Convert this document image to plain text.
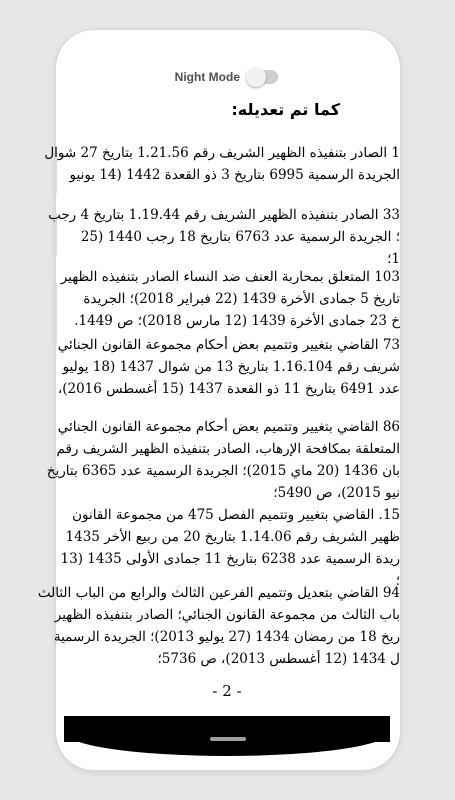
Night Mode
كما تم تعديله:
1 الصادر بتنفيذه الظهير الشريف رقم 1.21.56 بتاريخ 27 شوال
الجريدة الرسمية 6995 بتاريخ 3 ذو القعدة 1442 (14 يونيو
33 الصادر بتنفيذه الظهير الشريف رقم 1.19.44 بتاريخ 4 رجب
؛ الجريدة الرسمية عدد 6763 بتاريخ 18 رجب 1440 (25
1؛
103 المتعلق بمحاربة العنف ضد النساء الصادر بتنفيذه الظهير
تاريخ 5 جمادى الأخرة 1439 (22 فبراير 2018)؛ الجريدة
خ 23 جمادى الأخرة 1439 (12 مارس 2018)؛ ص 1449.
73 القاضي بتغيير وتتميم بعض أحكام مجموعة القانون الجنائي
شريف رقم 1.16.104 بتاريخ 13 من شوال 1437 (18 يوليو
عدد 6491 بتاريخ 11 ذو القعدة 1437 (15 أغسطس 2016)،
86 القاضي بتغيير وتتميم بعض أحكام مجموعة القانون الجنائي
المتعلقة بمكافحة الإرهاب، الصادر بتنفيذه الظهير الشريف رقم
بان 1436 (20 ماي 2015)؛ الجريدة الرسمية عدد 6365 بتاريخ
نيو 2015)، ص 5490؛
15. القاضي بتغيير وتتميم الفصل 475 من مجموعة القانون
ظهير الشريف رقم 1.14.06 بتاريخ 20 من ربيع الأخر 1435
ريدة الرسمية عدد 6238 بتاريخ 11 جمادى الأولى 1435 (13
؛
94 القاضي بتعديل وتتميم الفرعين الثالث والرابع من الباب الثالث
باب الثالث من مجموعة القانون الجنائي؛ الصادر بتنفيذه الظهير
ريخ 18 من رمضان 1434 (27 يوليو 2013)؛ الجريدة الرسمية
ل 1434 (12 أغسطس 2013)، ص 5736؛
- 2 -
